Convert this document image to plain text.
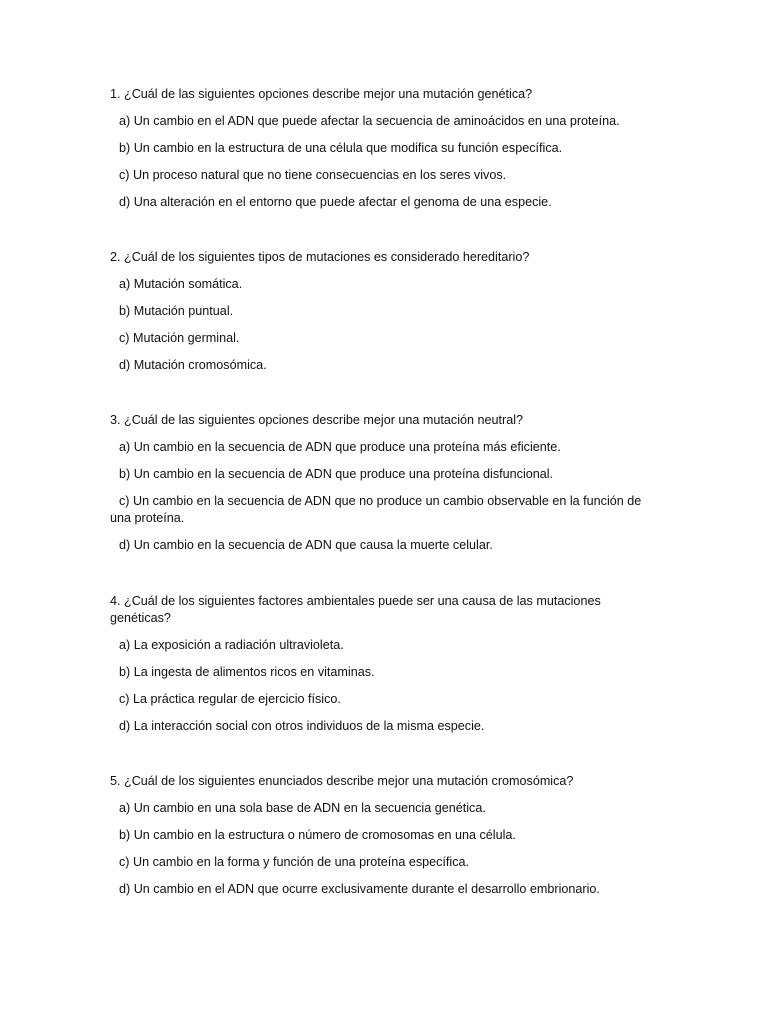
1. ¿Cuál de las siguientes opciones describe mejor una mutación genética?

a) Un cambio en el ADN que puede afectar la secuencia de aminoácidos en una proteína.
b) Un cambio en la estructura de una célula que modifica su función específica.
c) Un proceso natural que no tiene consecuencias en los seres vivos.
d) Una alteración en el entorno que puede afectar el genoma de una especie.

2. ¿Cuál de los siguientes tipos de mutaciones es considerado hereditario?

a) Mutación somática.
b) Mutación puntual.
c) Mutación germinal.
d) Mutación cromosómica.

3. ¿Cuál de las siguientes opciones describe mejor una mutación neutral?

a) Un cambio en la secuencia de ADN que produce una proteína más eficiente.
b) Un cambio en la secuencia de ADN que produce una proteína disfuncional.
c) Un cambio en la secuencia de ADN que no produce un cambio observable en la función de una proteína.
d) Un cambio en la secuencia de ADN que causa la muerte celular.

4. ¿Cuál de los siguientes factores ambientales puede ser una causa de las mutaciones genéticas?

a) La exposición a radiación ultravioleta.
b) La ingesta de alimentos ricos en vitaminas.
c) La práctica regular de ejercicio físico.
d) La interacción social con otros individuos de la misma especie.

5. ¿Cuál de los siguientes enunciados describe mejor una mutación cromosómica?

a) Un cambio en una sola base de ADN en la secuencia genética.
b) Un cambio en la estructura o número de cromosomas en una célula.
c) Un cambio en la forma y función de una proteína específica.
d) Un cambio en el ADN que ocurre exclusivamente durante el desarrollo embrionario.
